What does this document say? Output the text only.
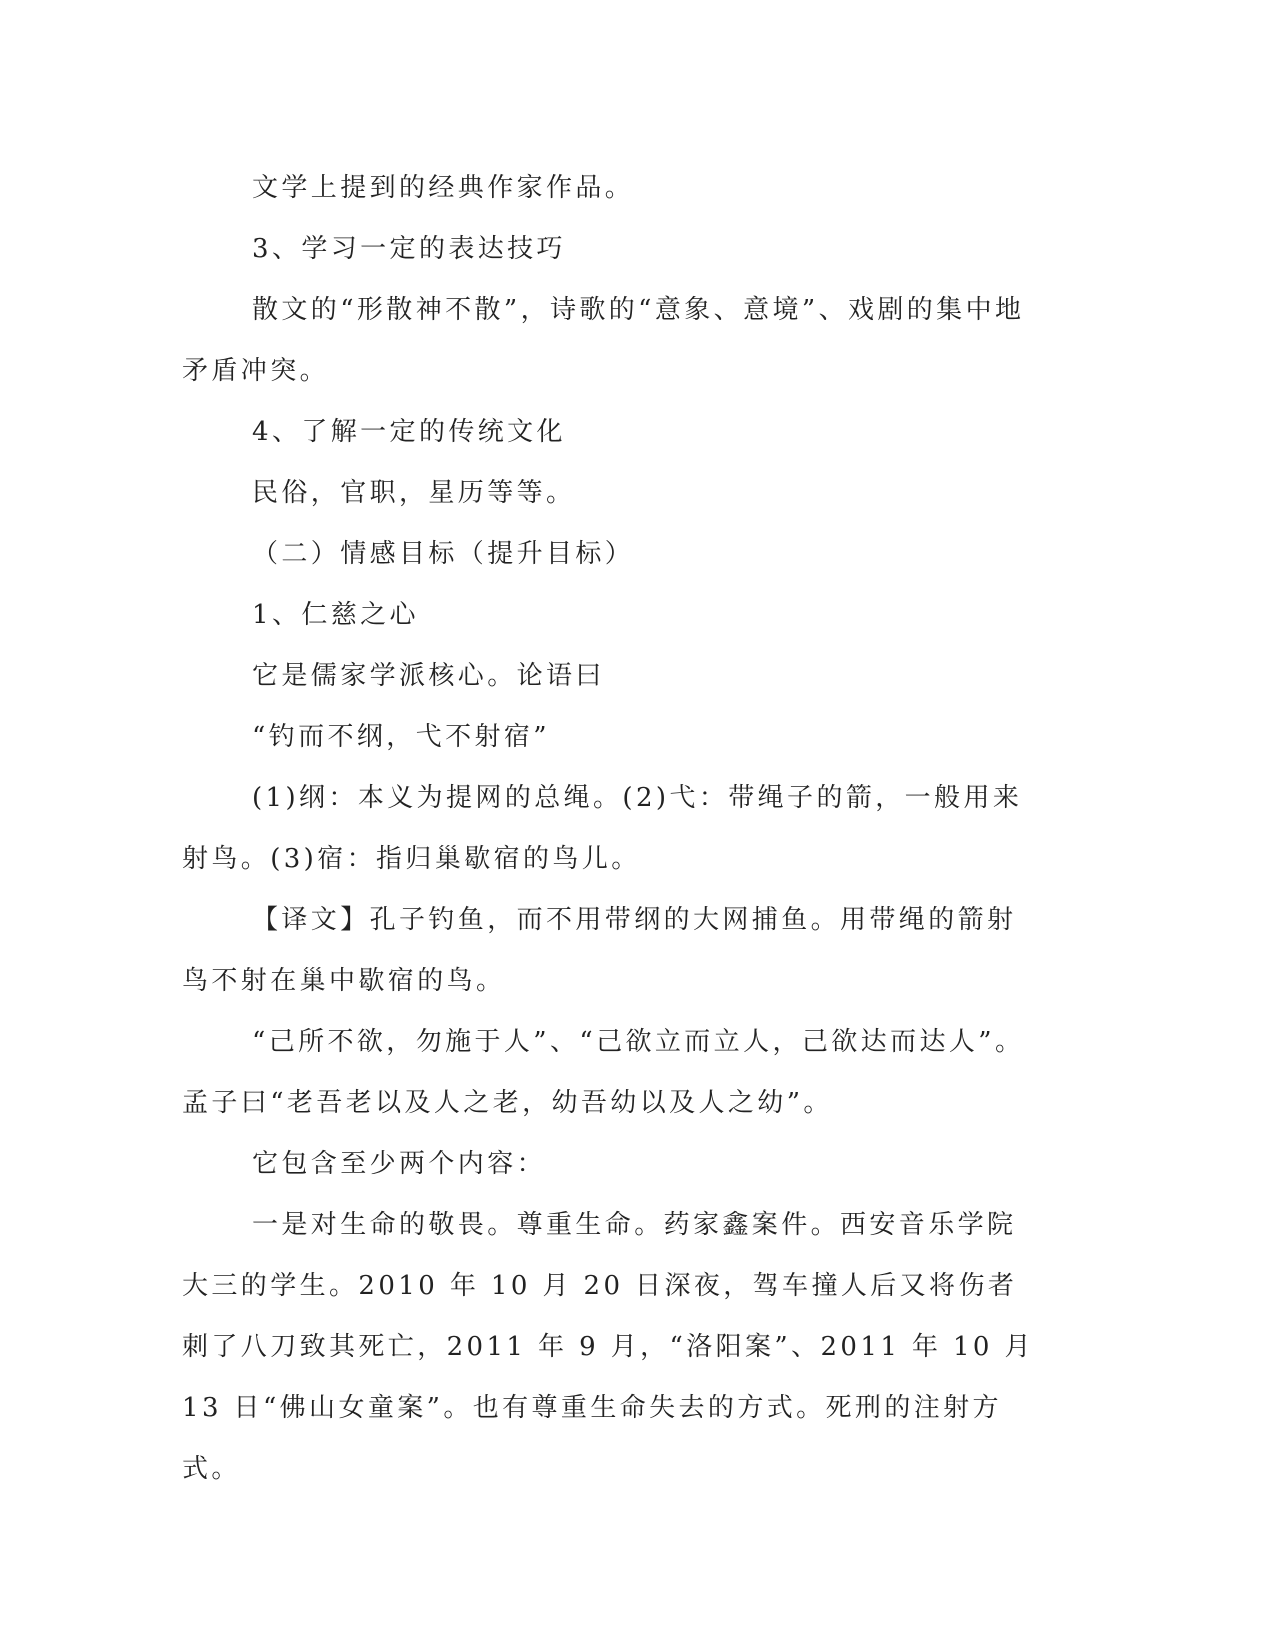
文学上提到的经典作家作品。

3、学习一定的表达技巧

散文的“形散神不散”，诗歌的“意象、意境”、戏剧的集中地矛盾冲突。

4、了解一定的传统文化

民俗，官职，星历等等。

（二）情感目标（提升目标）

1、仁慈之心

它是儒家学派核心。论语曰

“钓而不纲，弋不射宿”

(1)纲：本义为提网的总绳。(2)弋：带绳子的箭，一般用来射鸟。(3)宿：指归巢歇宿的鸟儿。

【译文】孔子钓鱼，而不用带纲的大网捕鱼。用带绳的箭射鸟不射在巢中歇宿的鸟。

“己所不欲，勿施于人”、“己欲立而立人，己欲达而达人”。孟子曰“老吾老以及人之老，幼吾幼以及人之幼”。

它包含至少两个内容：

一是对生命的敬畏。尊重生命。药家鑫案件。西安音乐学院大三的学生。2010 年 10 月 20 日深夜，驾车撞人后又将伤者刺了八刀致其死亡，2011 年 9 月，“洛阳案”、2011 年 10 月 13 日“佛山女童案”。也有尊重生命失去的方式。死刑的注射方式。
